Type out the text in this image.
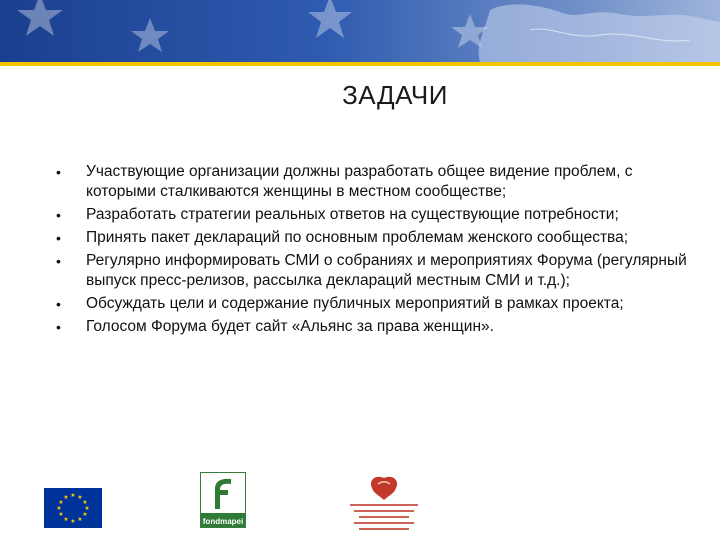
ЗАДАЧИ
• Участвующие организации должны разработать общее видение проблем, с которыми сталкиваются женщины в местном сообществе;
• Разработать стратегии реальных ответов на существующие потребности;
• Принять пакет деклараций по основным проблемам женского сообщества;
• Регулярно информировать СМИ о собраниях и мероприятиях Форума (регулярный выпуск пресс-релизов, рассылка деклараций местным СМИ и т.д.);
• Обсуждать цели и содержание публичных мероприятий в рамках проекта;
• Голосом Форума будет сайт «Альянс за права женщин».
★ ★
★
★
★
★
★
★
★
★
★
★
fondmapei
